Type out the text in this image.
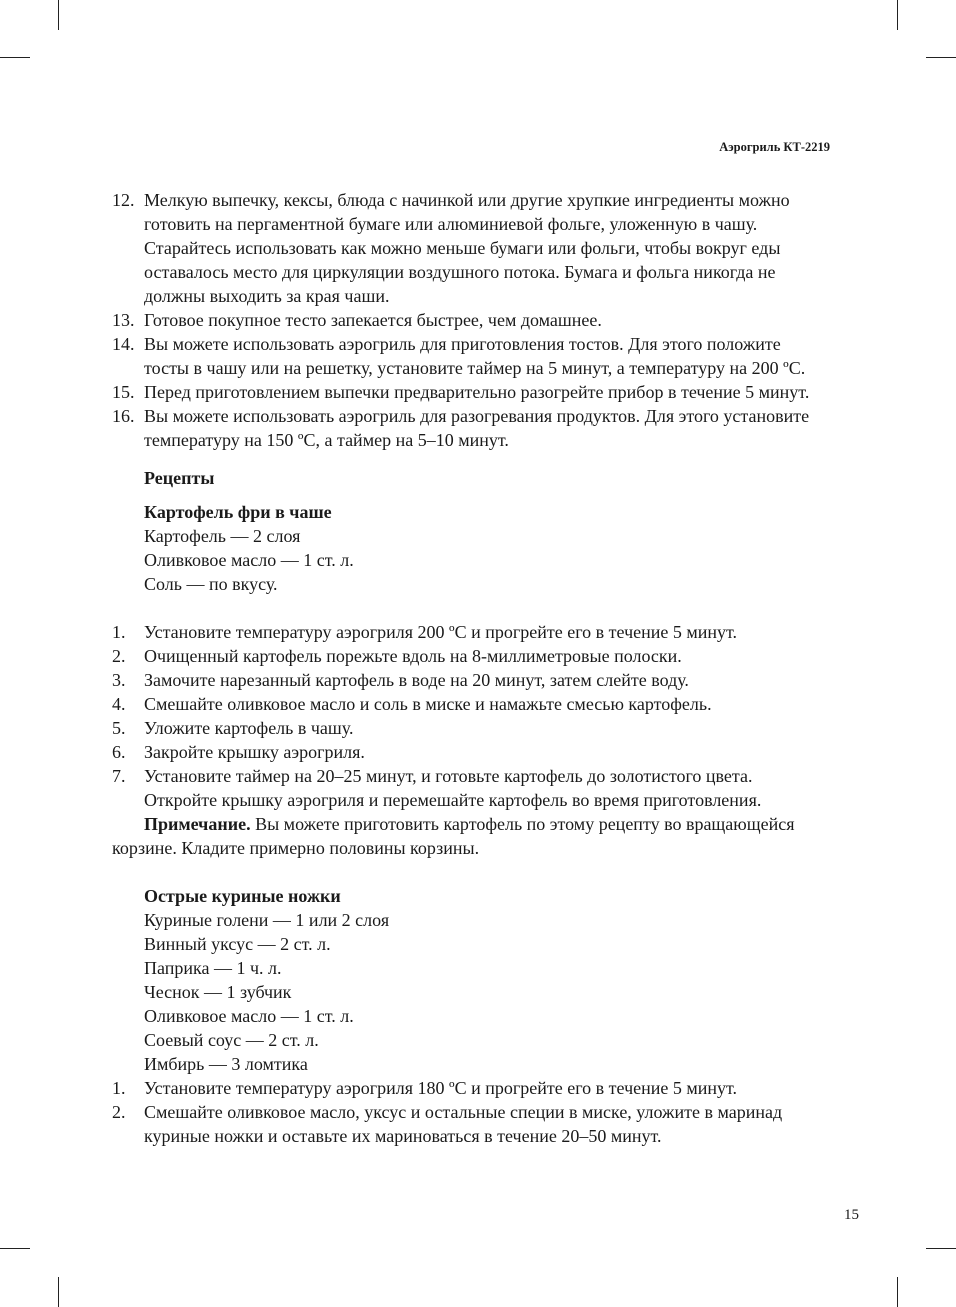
Аэрогриль КТ-2219
12. Мелкую выпечку, кексы, блюда с начинкой или другие хрупкие ингредиенты можно готовить на пергаментной бумаге или алюминиевой фольге, уложенную в чашу. Старайтесь использовать как можно меньше бумаги или фольги, чтобы вокруг еды оставалось место для циркуляции воздушного потока. Бумага и фольга никогда не должны выходить за края чаши.
13. Готовое покупное тесто запекается быстрее, чем домашнее.
14. Вы можете использовать аэрогриль для приготовления тостов. Для этого положите тосты в чашу или на решетку, установите таймер на 5 минут, а температуру на 200 ºС.
15. Перед приготовлением выпечки предварительно разогрейте прибор в течение 5 минут.
16. Вы можете использовать аэрогриль для разогревания продуктов. Для этого установите температуру на 150 ºС, а таймер на 5–10 минут.
Рецепты
Картофель фри в чаше
Картофель — 2 слоя
Оливковое масло — 1 ст. л.
Соль — по вкусу.
1. Установите температуру аэрогриля 200 ºС и прогрейте его в течение 5 минут.
2. Очищенный картофель порежьте вдоль на 8-миллиметровые полоски.
3. Замочите нарезанный картофель в воде на 20 минут, затем слейте воду.
4. Смешайте оливковое масло и соль в миске и намажьте смесью картофель.
5. Уложите картофель в чашу.
6. Закройте крышку аэрогриля.
7. Установите таймер на 20–25 минут, и готовьте картофель до золотистого цвета. Откройте крышку аэрогриля и перемешайте картофель во время приготовления.
Примечание. Вы можете приготовить картофель по этому рецепту во вращающейся корзине. Кладите примерно половины корзины.
Острые куриные ножки
Куриные голени — 1 или 2 слоя
Винный уксус — 2 ст. л.
Паприка — 1 ч. л.
Чеснок — 1 зубчик
Оливковое масло — 1 ст. л.
Соевый соус — 2 ст. л.
Имбирь — 3 ломтика
1. Установите температуру аэрогриля 180 ºС и прогрейте его в течение 5 минут.
2. Смешайте оливковое масло, уксус и остальные специи в миске, уложите в маринад куриные ножки и оставьте их мариноваться в течение 20–50 минут.
15
